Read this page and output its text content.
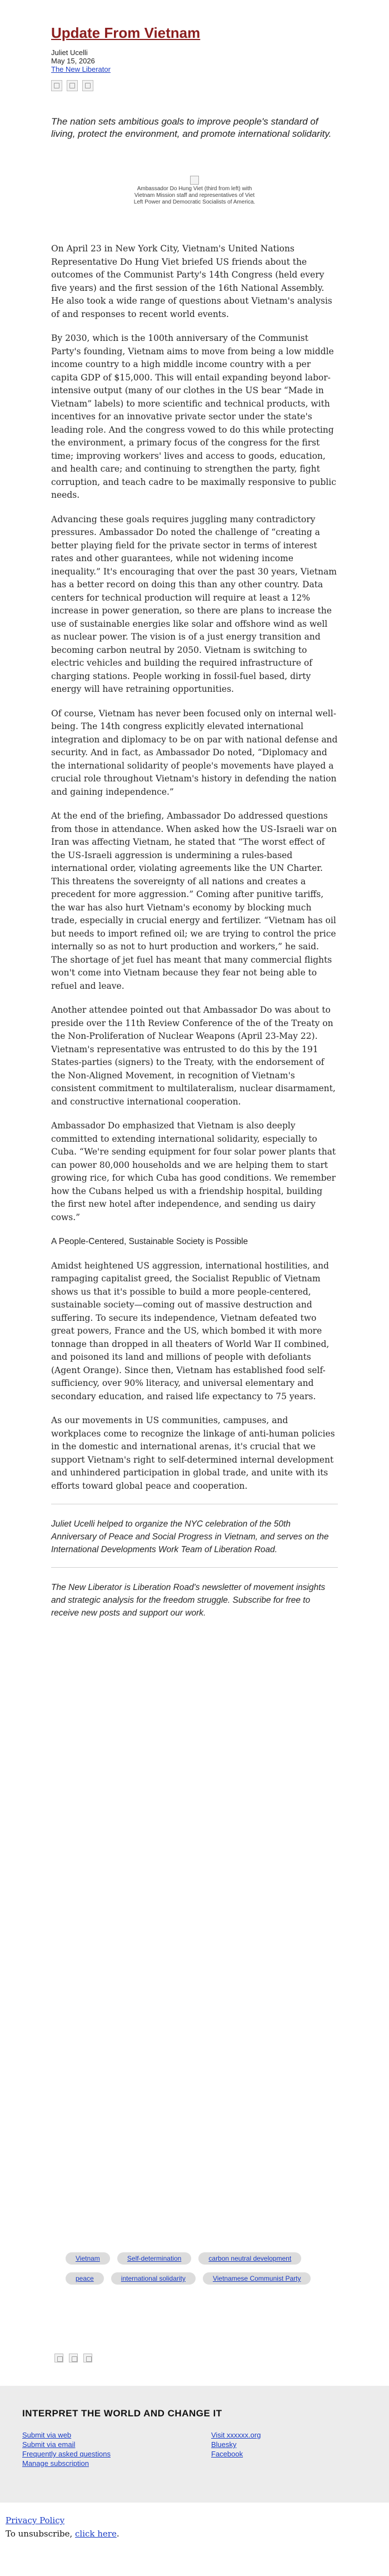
Update From Vietnam
Juliet Ucelli
May 15, 2026
The New Liberator
The nation sets ambitious goals to improve people's standard of living, protect the environment, and promote international solidarity.
Ambassador Do Hung Viet (third from left) with Vietnam Mission staff and representatives of Viet Left Power and Democratic Socialists of America.

On April 23 in New York City, Vietnam's United Nations Representative Do Hung Viet briefed US friends about the outcomes of the Communist Party's 14th Congress (held every five years) and the first session of the 16th National Assembly. He also took a wide range of questions about Vietnam's analysis of and responses to recent world events.

By 2030, which is the 100th anniversary of the Communist Party's founding, Vietnam aims to move from being a low middle income country to a high middle income country with a per capita GDP of $15,000. This will entail expanding beyond labor-intensive output (many of our clothes in the US bear “Made in Vietnam” labels) to more scientific and technical products, with incentives for an innovative private sector under the state's leading role. And the congress vowed to do this while protecting the environment, a primary focus of the congress for the first time; improving workers' lives and access to goods, education, and health care; and continuing to strengthen the party, fight corruption, and teach cadre to be maximally responsive to public needs.

Advancing these goals requires juggling many contradictory pressures. Ambassador Do noted the challenge of “creating a better playing field for the private sector in terms of interest rates and other guarantees, while not widening income inequality.” It's encouraging that over the past 30 years, Vietnam has a better record on doing this than any other country. Data centers for technical production will require at least a 12% increase in power generation, so there are plans to increase the use of sustainable energies like solar and offshore wind as well as nuclear power. The vision is of a just energy transition and becoming carbon neutral by 2050. Vietnam is switching to electric vehicles and building the required infrastructure of charging stations. People working in fossil-fuel based, dirty energy will have retraining opportunities.

Of course, Vietnam has never been focused only on internal well-being. The 14th congress explicitly elevated international integration and diplomacy to be on par with national defense and security. And in fact, as Ambassador Do noted, “Diplomacy and the international solidarity of people's movements have played a crucial role throughout Vietnam's history in defending the nation and gaining independence.”

At the end of the briefing, Ambassador Do addressed questions from those in attendance. When asked how the US-Israeli war on Iran was affecting Vietnam, he stated that “The worst effect of the US-Israeli aggression is undermining a rules-based international order, violating agreements like the UN Charter. This threatens the sovereignty of all nations and creates a precedent for more aggression.” Coming after punitive tariffs, the war has also hurt Vietnam's economy by blocking much trade, especially in crucial energy and fertilizer. “Vietnam has oil but needs to import refined oil; we are trying to control the price internally so as not to hurt production and workers,” he said. The shortage of jet fuel has meant that many commercial flights won't come into Vietnam because they fear not being able to refuel and leave.

Another attendee pointed out that Ambassador Do was about to preside over the 11th Review Conference of the of the Treaty on the Non-Proliferation of Nuclear Weapons (April 23-May 22). Vietnam's representative was entrusted to do this by the 191 States-parties (signers) to the Treaty, with the endorsement of the Non-Aligned Movement, in recognition of Vietnam's consistent commitment to multilateralism, nuclear disarmament, and constructive international cooperation.

Ambassador Do emphasized that Vietnam is also deeply committed to extending international solidarity, especially to Cuba. “We're sending equipment for four solar power plants that can power 80,000 households and we are helping them to start growing rice, for which Cuba has good conditions. We remember how the Cubans helped us with a friendship hospital, building the first new hotel after independence, and sending us dairy cows.”

A People-Centered, Sustainable Society is Possible

Amidst heightened US aggression, international hostilities, and rampaging capitalist greed, the Socialist Republic of Vietnam shows us that it's possible to build a more people-centered, sustainable society—coming out of massive destruction and suffering. To secure its independence, Vietnam defeated two great powers, France and the US, which bombed it with more tonnage than dropped in all theaters of World War II combined, and poisoned its land and millions of people with defoliants (Agent Orange). Since then, Vietnam has established food self-sufficiency, over 90% literacy, and universal elementary and secondary education, and raised life expectancy to 75 years.

As our movements in US communities, campuses, and workplaces come to recognize the linkage of anti-human policies in the domestic and international arenas, it's crucial that we support Vietnam's right to self-determined internal development and unhindered participation in global trade, and unite with its efforts toward global peace and cooperation.

Juliet Ucelli helped to organize the NYC celebration of the 50th Anniversary of Peace and Social Progress in Vietnam, and serves on the International Developments Work Team of Liberation Road.

The New Liberator is Liberation Road's newsletter of movement insights and strategic analysis for the freedom struggle. Subscribe for free to receive new posts and support our work.

Vietnam	Self-determination	carbon neutral development peace	international solidarity	Vietnamese Communist Party
INTERPRET THE WORLD AND CHANGE IT
Submit via web
Submit via email
Frequently asked questions
Manage subscription
Visit xxxxxx.org
Bluesky
Facebook
Privacy Policy
To unsubscribe, click here.
